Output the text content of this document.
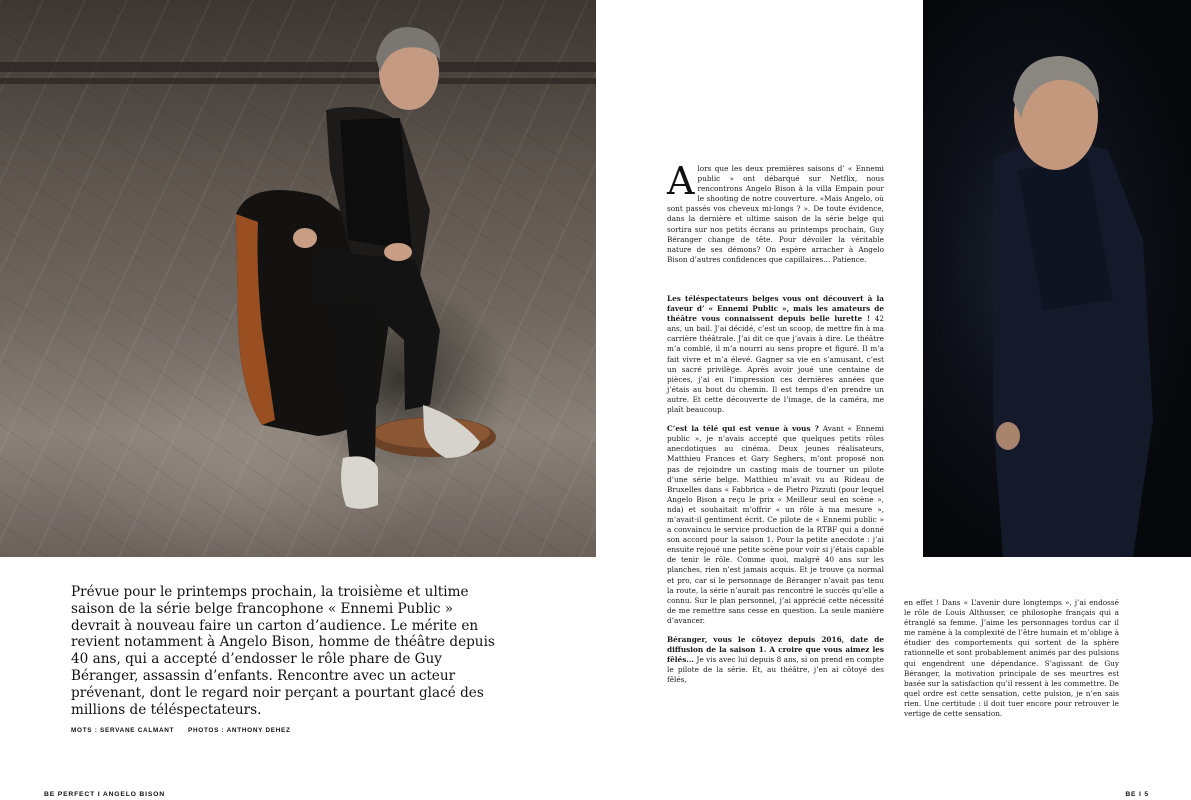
Prévue pour le printemps prochain, la troisième et ultime saison de la série belge francophone « Ennemi Public » devrait à nouveau faire un carton d’audience. Le mérite en revient notamment à Angelo Bison, homme de théâtre depuis 40 ans, qui a accepté d’endosser le rôle phare de Guy Béranger, assassin d’enfants. Rencontre avec un acteur prévenant, dont le regard noir perçant a pourtant glacé des millions de téléspectateurs.

MOTS : SERVANE CALMANT PHOTOS : ANTHONY DEHEZ
Alors que les deux premières saisons d’ « Ennemi public » ont débarqué sur Netflix, nous rencontrons Angelo Bison à la villa Empain pour le shooting de notre couverture. «Mais Angelo, où sont passés vos cheveux mi-longs ? ». De toute évidence, dans la dernière et ultime saison de la série belge qui sortira sur nos petits écrans au printemps prochain, Guy Béranger change de tête. Pour dévoiler la véritable nature de ses démons? On espère arracher à Angelo Bison d’autres confidences que capillaires... Patience.

Les téléspectateurs belges vous ont découvert à la faveur d’ « Ennemi Public », mais les amateurs de théâtre vous connaissent depuis belle lurette ! 42 ans, un bail. J’ai décidé, c’est un scoop, de mettre fin à ma carrière théâtrale. J’ai dit ce que j’avais à dire. Le théâtre m’a comblé, il m’a nourri au sens propre et figuré. Il m’a fait vivre et m’a élevé. Gagner sa vie en s’amusant, c’est un sacré privilège. Après avoir joué une centaine de pièces, j’ai eu l’impression ces dernières années que j’étais au bout du chemin. Il est temps d’en prendre un autre. Et cette découverte de l’image, de la caméra, me plaît beaucoup.

C’est la télé qui est venue à vous ? Avant « Ennemi public », je n’avais accepté que quelques petits rôles anecdotiques au cinéma. Deux jeunes réalisateurs, Matthieu Frances et Gary Seghers, m’ont proposé non pas de rejoindre un casting mais de tourner un pilote d’une série belge. Matthieu m’avait vu au Rideau de Bruxelles dans « Fabbrica » de Pietro Pizzuti (pour lequel Angelo Bison a reçu le prix « Meilleur seul en scène », nda) et souhaitait m’offrir « un rôle à ma mesure », m’avait-il gentiment écrit. Ce pilote de « Ennemi public » a convaincu le service production de la RTBF qui a donné son accord pour la saison 1. Pour la petite anecdote : j’ai ensuite rejoué une petite scène pour voir si j’étais capable de tenir le rôle. Comme quoi, malgré 40 ans sur les planches, rien n’est jamais acquis. Et je trouve ça normal et pro, car si le personnage de Béranger n’avait pas tenu la route, la série n’aurait pas rencontré le succès qu’elle a connu. Sur le plan personnel, j’ai apprécié cette nécessité de me remettre sans cesse en question. La seule manière d’avancer.

Béranger, vous le côtoyez depuis 2016, date de diffusion de la saison 1. A croire que vous aimez les fêlés... Je vis avec lui depuis 8 ans, si on prend en compte le pilote de la série. Et, au théâtre, j’en ai côtoyé des fêlés,

en effet ! Dans « L’avenir dure longtemps », j’ai endossé le rôle de Louis Althusser, ce philosophe français qui a étranglé sa femme. J’aime les personnages tordus car il me ramène à la complexité de l’être humain et m’oblige à étudier des comportements qui sortent de la sphère rationnelle et sont probablement animés par des pulsions qui engendrent une dépendance. S’agissant de Guy Béranger, la motivation principale de ses meurtres est basée sur la satisfaction qu’il ressent à les commettre. De quel ordre est cette sensation, cette pulsion, je n’en sais rien. Une certitude : il doit tuer encore pour retrouver le vertige de cette sensation.

BE PERFECT I ANGELO BISON	BE I 5
